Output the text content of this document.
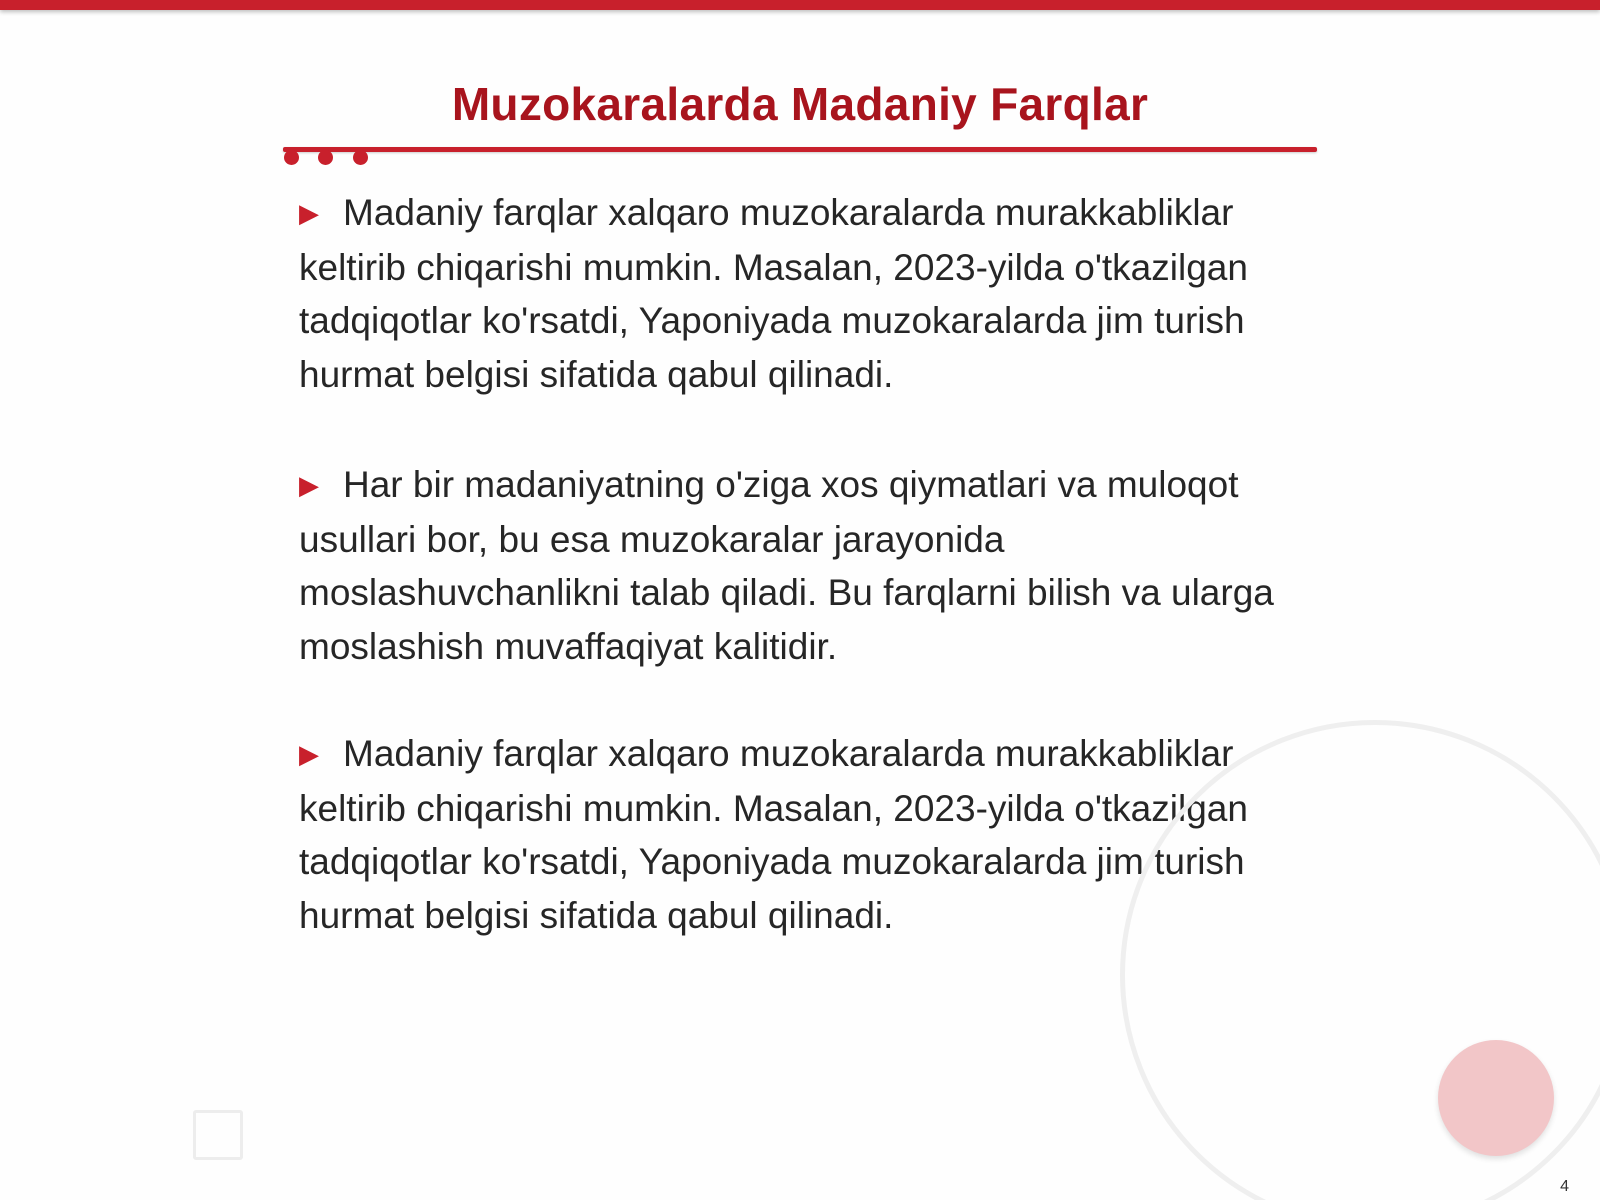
Muzokaralarda Madaniy Farqlar
▶ Madaniy farqlar xalqaro muzokaralarda murakkabliklar keltirib chiqarishi mumkin. Masalan, 2023-yilda o'tkazilgan tadqiqotlar ko'rsatdi, Yaponiyada muzokaralarda jim turish hurmat belgisi sifatida qabul qilinadi.
▶ Har bir madaniyatning o'ziga xos qiymatlari va muloqot usullari bor, bu esa muzokaralar jarayonida moslashuvchanlikni talab qiladi. Bu farqlarni bilish va ularga moslashish muvaffaqiyat kalitidir.
▶ Madaniy farqlar xalqaro muzokaralarda murakkabliklar keltirib chiqarishi mumkin. Masalan, 2023-yilda o'tkazilgan tadqiqotlar ko'rsatdi, Yaponiyada muzokaralarda jim turish hurmat belgisi sifatida qabul qilinadi.
4
